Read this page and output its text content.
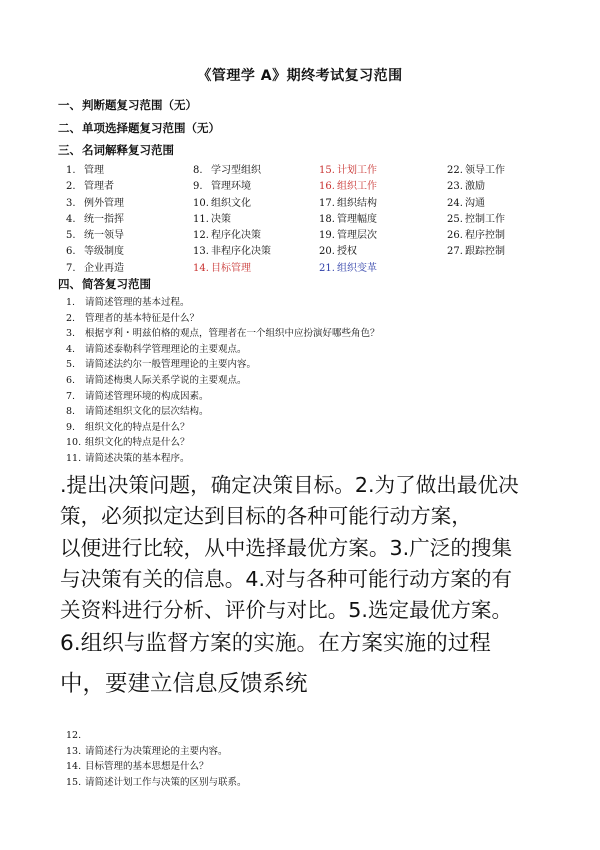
《管理学 A》期终考试复习范围
一、判断题复习范围（无）
二、单项选择题复习范围（无）
三、名词解释复习范围
1. 管理	8. 学习型组织	15. 计划工作	22. 领导工作
2. 管理者	9. 管理环境	16. 组织工作	23. 激励
3. 例外管理	10. 组织文化	17. 组织结构	24. 沟通
4. 统一指挥	11. 决策	18. 管理幅度	25. 控制工作
5. 统一领导	12. 程序化决策	19. 管理层次	26. 程序控制
6. 等级制度	13. 非程序化决策	20. 授权	27. 跟踪控制
7. 企业再造	14. 目标管理	21. 组织变革
四、简答复习范围
1. 请简述管理的基本过程。
2. 管理者的基本特征是什么？
3. 根据亨利・明兹伯格的观点，管理者在一个组织中应扮演好哪些角色？
4. 请简述泰勒科学管理理论的主要观点。
5. 请简述法约尔一般管理理论的主要内容。
6. 请简述梅奥人际关系学说的主要观点。
7. 请简述管理环境的构成因素。
8. 请简述组织文化的层次结构。
9. 组织文化的特点是什么？
10. 组织文化的特点是什么？
11. 请简述决策的基本程序。
.提出决策问题，确定决策目标。2.为了做出最优决
策，必须拟定达到目标的各种可能行动方案，
以便进行比较，从中选择最优方案。3.广泛的搜集
与决策有关的信息。4.对与各种可能行动方案的有
关资料进行分析、评价与对比。5.选定最优方案。
6.组织与监督方案的实施。在方案实施的过程
中，要建立信息反馈系统
12.
13. 请简述行为决策理论的主要内容。
14. 目标管理的基本思想是什么？
15. 请简述计划工作与决策的区别与联系。
